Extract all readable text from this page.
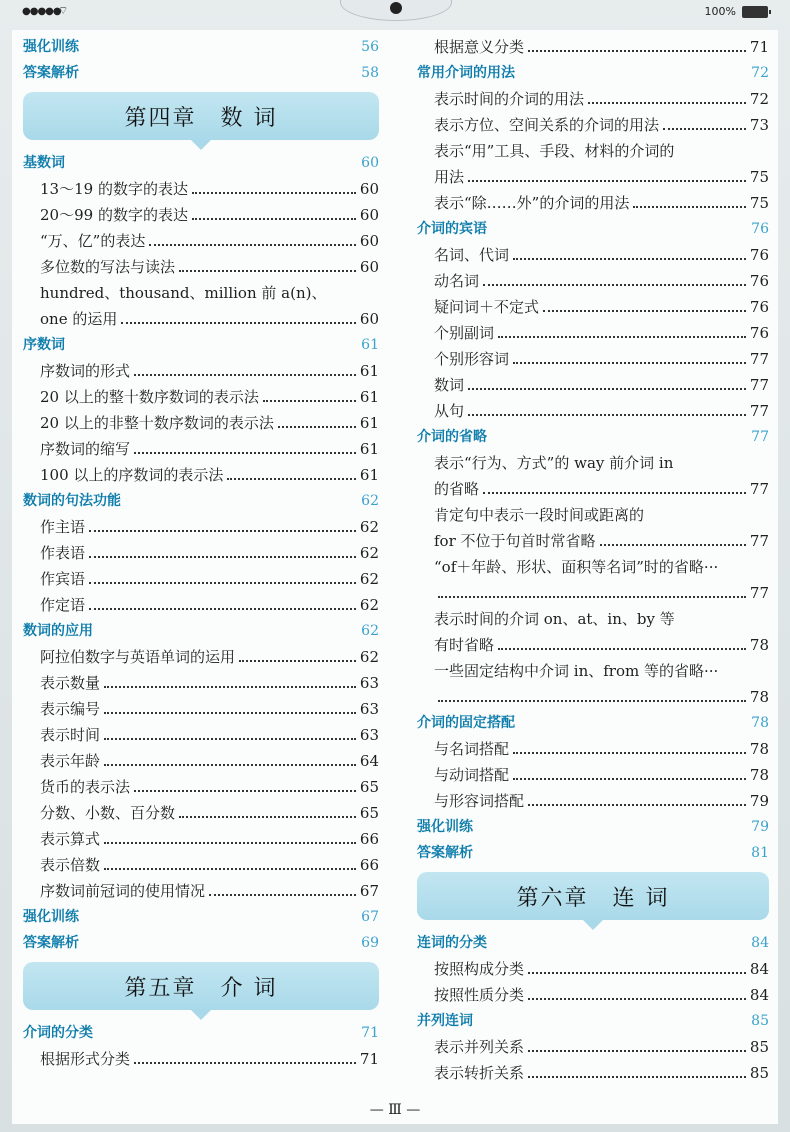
●●●●●
⌔	100%
强化训练	56
答案解析	58
第四章 数 词
基数词	60
13～19 的数字的表达	60
20～99 的数字的表达	60
“万、亿”的表达	60
多位数的写法与读法	60
hundred、thousand、million 前 a(n)、
one 的运用	60
序数词	61
序数词的形式	61
20 以上的整十数序数词的表示法	61
20 以上的非整十数序数词的表示法	61
序数词的缩写	61
100 以上的序数词的表示法	61
数词的句法功能	62
作主语	62
作表语	62
作宾语	62
作定语	62
数词的应用	62
阿拉伯数字与英语单词的运用	62
表示数量	63
表示编号	63
表示时间	63
表示年龄	64
货币的表示法	65
分数、小数、百分数	65
表示算式	66
表示倍数	66
序数词前冠词的使用情况	67
强化训练	67
答案解析	69
第五章 介 词
介词的分类	71
根据形式分类	71
根据意义分类	71
常用介词的用法	72
表示时间的介词的用法	72
表示方位、空间关系的介词的用法	73
表示“用”工具、手段、材料的介词的
用法	75
表示“除……外”的介词的用法	75
介词的宾语	76
名词、代词	76
动名词	76
疑问词＋不定式	76
个别副词	76
个别形容词	77
数词	77
从句	77
介词的省略	77
表示“行为、方式”的 way 前介词 in
的省略	77
肯定句中表示一段时间或距离的
for 不位于句首时常省略	77
“of＋年龄、形状、面积等名词”时的省略···
77
表示时间的介词 on、at、in、by 等
有时省略	78
一些固定结构中介词 in、from 等的省略···
78
介词的固定搭配	78
与名词搭配	78
与动词搭配	78
与形容词搭配	79
强化训练	79
答案解析	81
第六章 连 词
连词的分类	84
按照构成分类	84
按照性质分类	84
并列连词	85
表示并列关系	85
表示转折关系	85
— Ⅲ —
